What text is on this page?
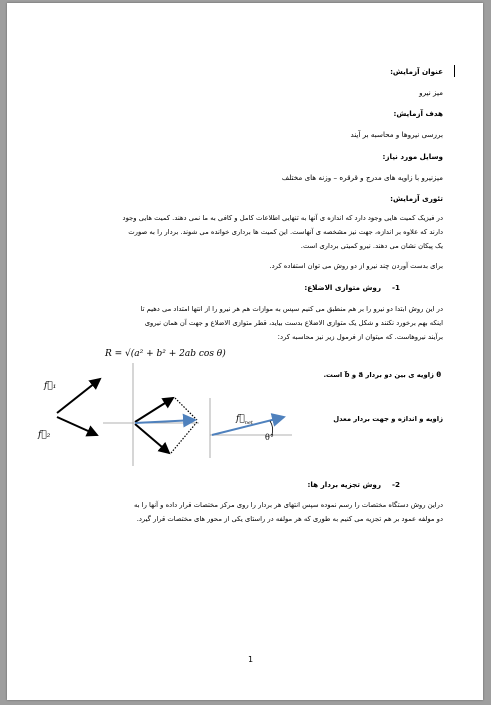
عنوان آزمایش:
میز نیرو
هدف آزمایش:
بررسی نیروها و محاسبه بر آیند
وسایل مورد نیاز:
میزنیرو با زاویه های مدرج و قرقره – وزنه های مختلف
تئوری آزمایش:
در فیزیک کمیت هایی وجود دارد که اندازه ی آنها به تنهایی اطلاعات کامل و کافی به ما نمی دهند. کمیت هایی وجود
دارند که علاوه بر اندازه، جهت نیز مشخصه ی آنهاست. این کمیت ها برداری خوانده می شوند. بردار را به صورت
یک پیکان نشان می دهند. نیرو کمیتی برداری است.
برای بدست آوردن چند نیرو از دو روش می توان استفاده کرد.
روش متوازی الاضلاع: 1-
در این روش ابتدا دو نیرو را بر هم منطبق می کنیم سپس به موازات هم هر نیرو را از انتها امتداد می دهیم تا
اینکه بهم برخورد نکنند و شکل یک متوازی الاضلاع بدست بیاید، قطر متوازی الاضلاع و جهت آن همان نیروی
برآیند نیروهاست. که میتوان از فرمول زیر نیز محاسبه کرد:
R = √(a² + b² + 2ab cos θ)
f⃗₁
f⃗₂
θ زاویه ی بین دو بردار a⃗ و b⃗ است.
زاویه و اندازه و جهت بردار معدل
$f⃗_{net}$
θ°
روش تجزیه بردار ها: 2-
دراین روش دستگاه مختصات را رسم نموده سپس انتهای هر بردار را روی مرکز مختصات قرار داده و آنها را به
دو مولفه عمود بر هم تجزیه می کنیم به طوری که هر مولفه در راستای یکی از محور های مختصات قرار گیرد.
1
